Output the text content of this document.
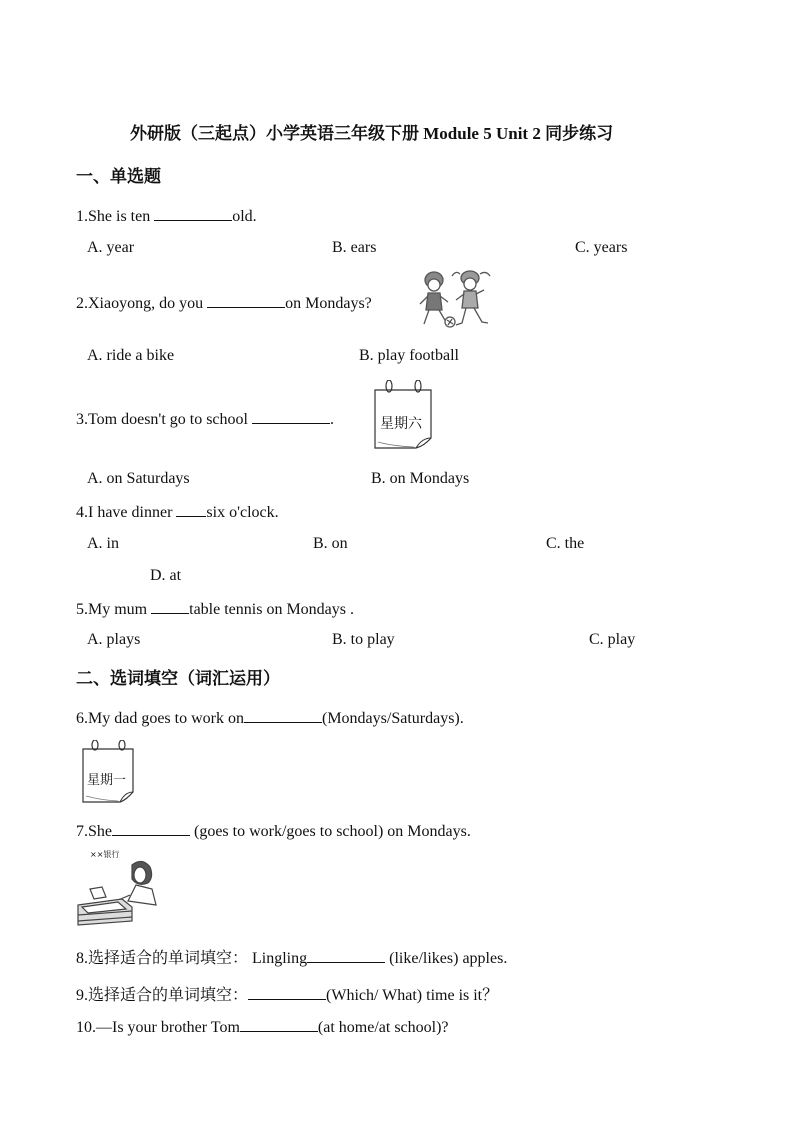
外研版（三起点）小学英语三年级下册 Module 5 Unit 2 同步练习
一、单选题
1.She is ten	old.
A. year	B. ears	C. years
2.Xiaoyong, do you	on Mondays?
A. ride a bike	B. play football
3.Tom doesn't go to school	.	星期六
A. on Saturdays	B. on Mondays
4.I have dinner six o'clock.
A. in	B. on	C. the
D. at
5.My mum table tennis on Mondays .
A. plays	B. to play	C. play
二、选词填空（词汇运用）
6.My dad goes to work on	(Mondays/Saturdays).
星期一
7.She	(goes to work/goes to school) on Mondays.
××银行
8.选择适合的单词填空： Lingling	(like/likes) apples.
9.选择适合的单词填空：	(Which/ What) time is it？
10.—Is your brother Tom	(at home/at school)?
